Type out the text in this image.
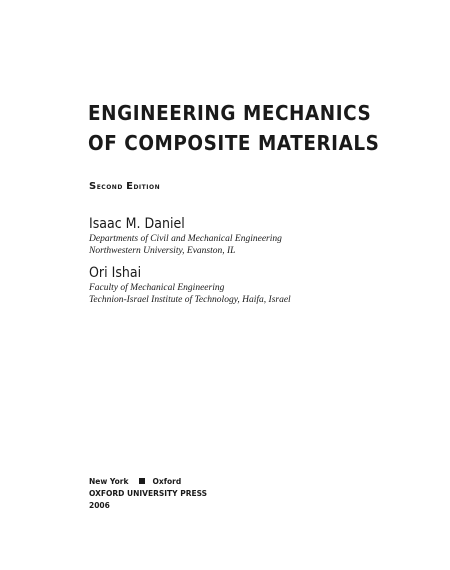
ENGINEERING MECHANICS
OF COMPOSITE MATERIALS
Second Edition
Isaac M. Daniel
Departments of Civil and Mechanical Engineering
Northwestern University, Evanston, IL
Ori Ishai
Faculty of Mechanical Engineering
Technion-Israel Institute of Technology, Haifa, Israel
New York	Oxford
OXFORD UNIVERSITY PRESS
2006
